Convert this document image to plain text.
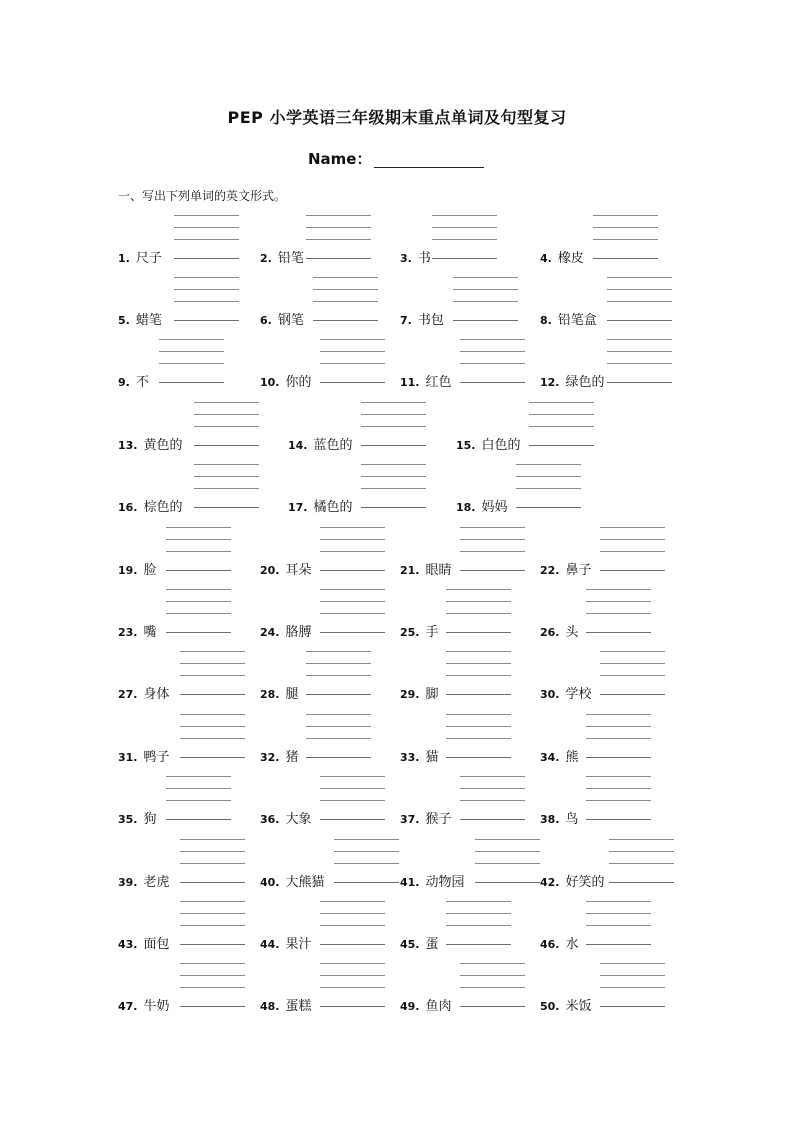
PEP 小学英语三年级期末重点单词及句型复习
Name：
一、写出下列单词的英文形式。
1. 尺子	2. 铅笔	3. 书	4. 橡皮
5. 蜡笔	6. 钢笔	7. 书包	8. 铅笔盒
9. 不	10. 你的	11. 红色	12. 绿色的
13. 黄色的	14. 蓝色的	15. 白色的
16. 棕色的	17. 橘色的	18. 妈妈
19. 脸	20. 耳朵	21. 眼睛	22. 鼻子
23. 嘴	24. 胳膊	25. 手	26. 头
27. 身体	28. 腿	29. 脚	30. 学校
31. 鸭子	32. 猪	33. 猫	34. 熊
35. 狗	36. 大象	37. 猴子	38. 鸟
39. 老虎	40. 大熊猫	41. 动物园	42. 好笑的
43. 面包	44. 果汁	45. 蛋	46. 水
47. 牛奶	48. 蛋糕	49. 鱼肉	50. 米饭
